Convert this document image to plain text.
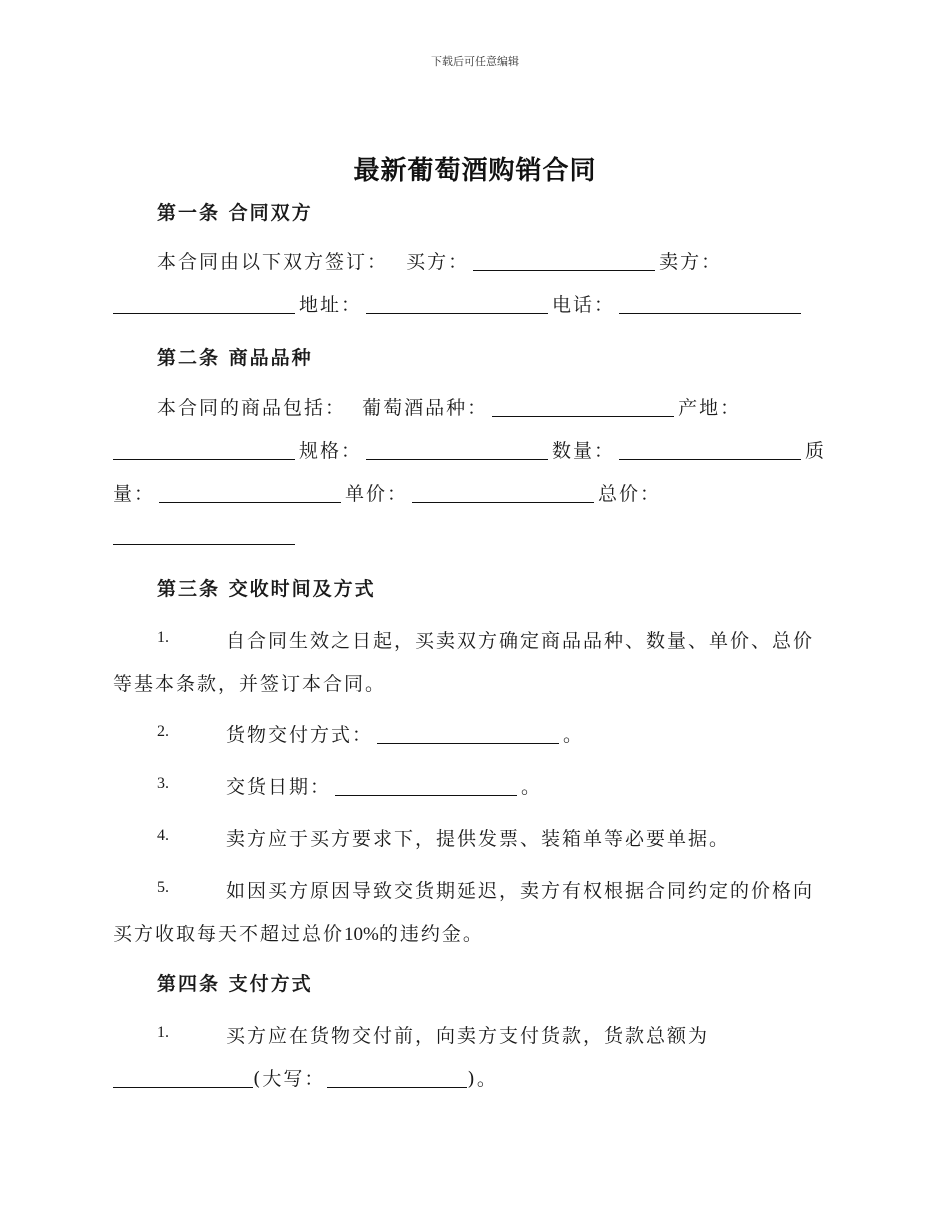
下载后可任意编辑
最新葡萄酒购销合同
第一条 合同双方
本合同由以下双方签订： 买方：	卖方：
地址：	电话：
第二条 商品品种
本合同的商品包括： 葡萄酒品种：	产地：
规格：	数量：	质
量：	单价：	总价：
第三条 交收时间及方式
1.	自合同生效之日起，买卖双方确定商品品种、数量、单价、总价
等基本条款，并签订本合同。
2.	货物交付方式：	。
3.	交货日期：	。
4.	卖方应于买方要求下，提供发票、装箱单等必要单据。
5.	如因买方原因导致交货期延迟，卖方有权根据合同约定的价格向
买方收取每天不超过总价10%的违约金。
第四条 支付方式
1.	买方应在货物交付前，向卖方支付货款，货款总额为
(大写：	)。
